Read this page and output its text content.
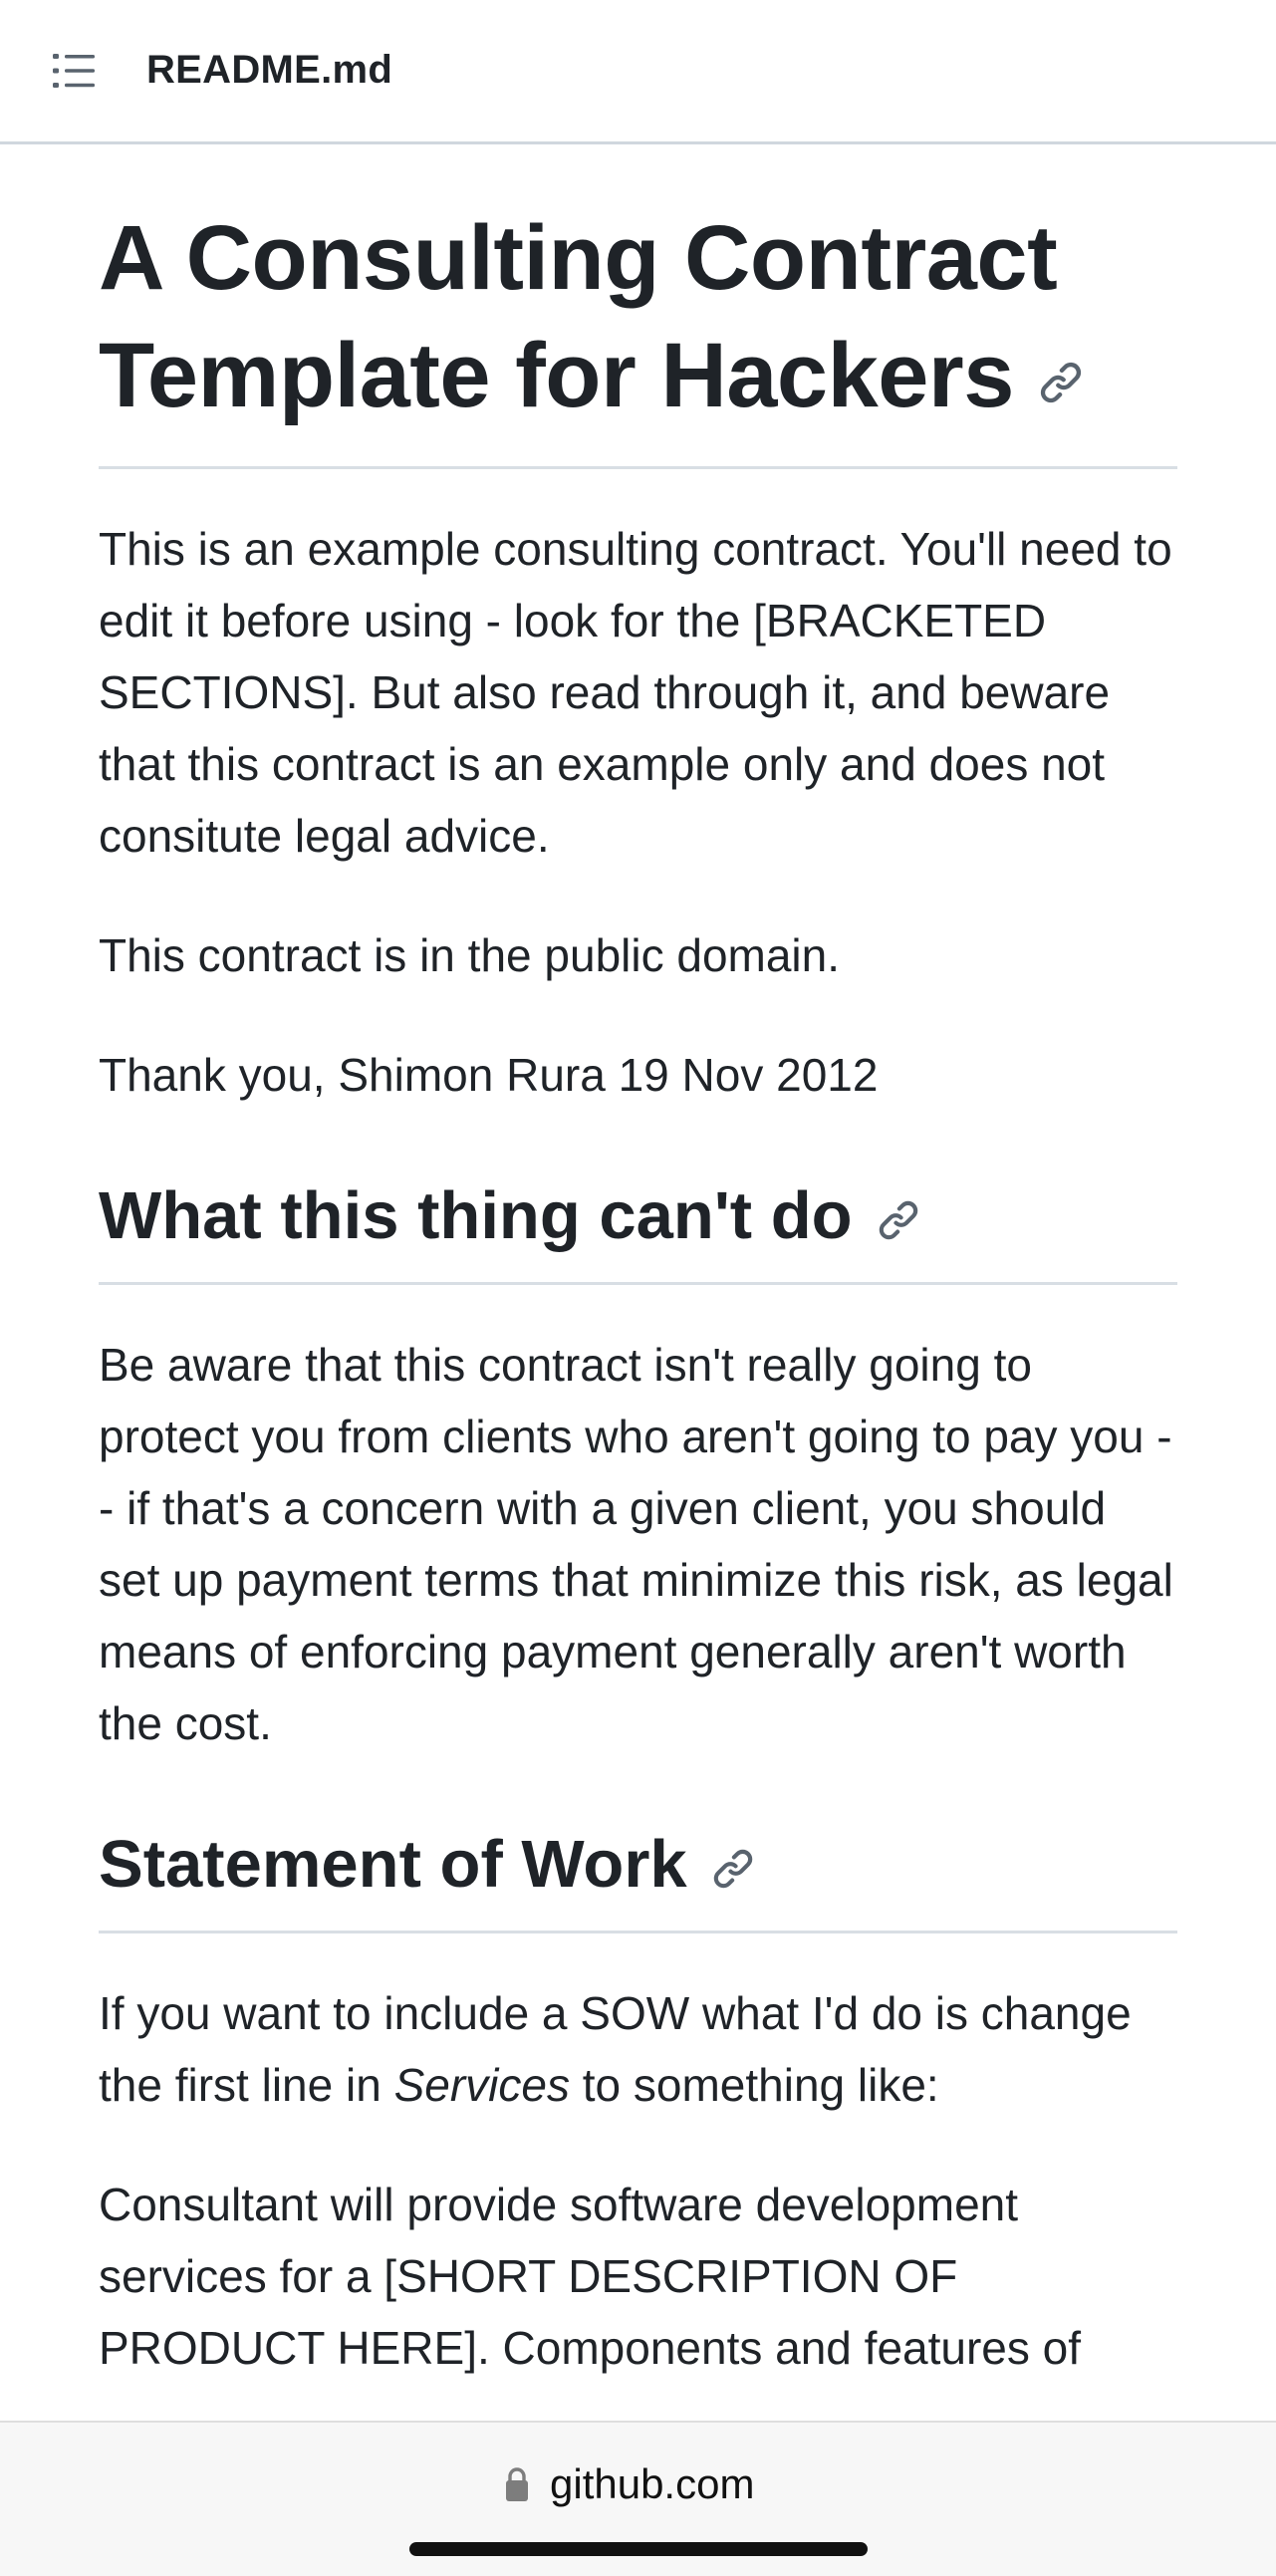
README.md
A Consulting Contract Template for Hackers

This is an example consulting contract. You'll need to edit it before using - look for the [BRACKETED SECTIONS]. But also read through it, and beware that this contract is an example only and does not consitute legal advice.

This contract is in the public domain.

Thank you, Shimon Rura 19 Nov 2012

What this thing can't do

Be aware that this contract isn't really going to protect you from clients who aren't going to pay you -- if that's a concern with a given client, you should set up payment terms that minimize this risk, as legal means of enforcing payment generally aren't worth the cost.

Statement of Work

If you want to include a SOW what I'd do is change the first line in Services to something like:

Consultant will provide software development services for a [SHORT DESCRIPTION OF PRODUCT HERE]. Components and features of

github.com
